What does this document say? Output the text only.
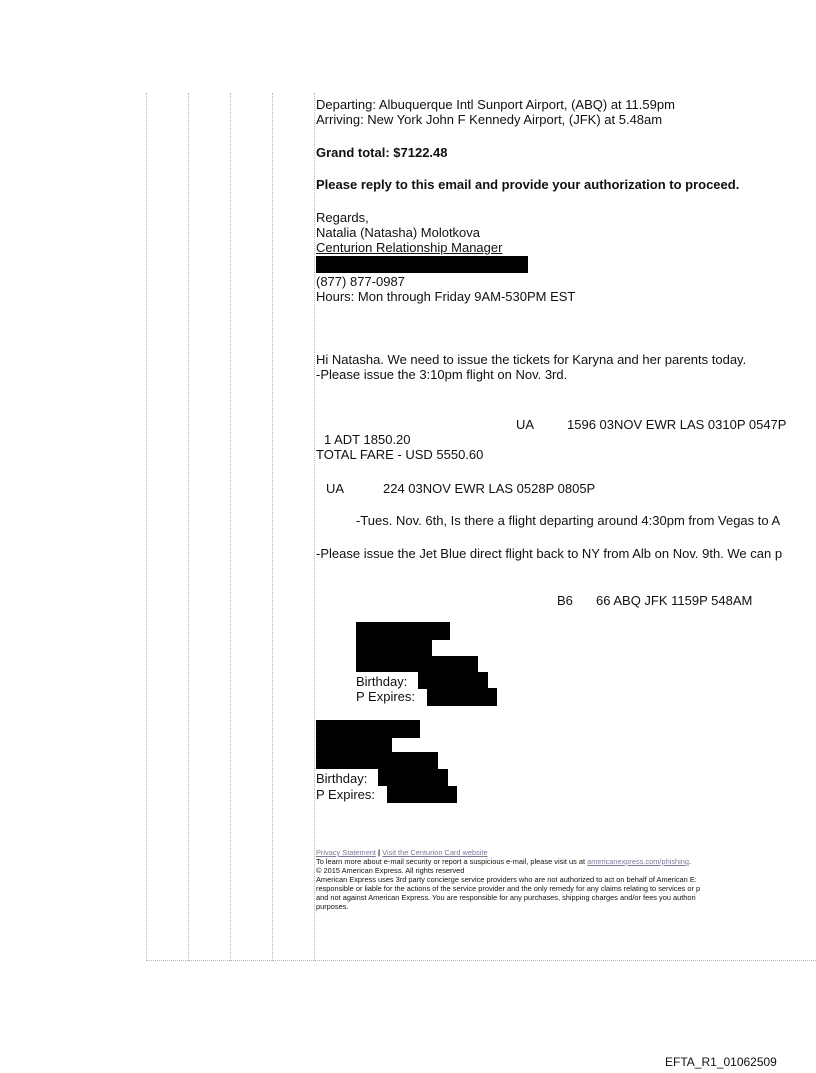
Departing: Albuquerque Intl Sunport Airport, (ABQ) at 11.59pm
Arriving: New York John F Kennedy Airport, (JFK) at 5.48am
Grand total: $7122.48
Please reply to this email and provide your authorization to proceed.
Regards,
Natalia (Natasha) Molotkova
Centurion Relationship Manager
(877) 877-0987
Hours: Mon through Friday 9AM-530PM EST
Hi Natasha. We need to issue the tickets for Karyna and her parents today.
-Please issue the 3:10pm flight on Nov. 3rd.
UA	1596 03NOV EWR LAS 0310P 0547P
1 ADT 1850.20
TOTAL FARE - USD 5550.60
UA	224 03NOV EWR LAS 0528P 0805P
-Tues. Nov. 6th, Is there a flight departing around 4:30pm from Vegas to A
-Please issue the Jet Blue direct flight back to NY from Alb on Nov. 9th. We can p
B6 66 ABQ JFK 1159P 548AM
Birthday:
P Expires:
Birthday:
P Expires:
Privacy Statement | Visit the Centurion Card website
To learn more about e-mail security or report a suspicious e-mail, please visit us at americanexpress.com/phishing.
© 2015 American Express. All rights reserved
American Express uses 3rd party concierge service providers who are not authorized to act on behalf of American E:
responsible or liable for the actions of the service provider and the only remedy for any claims relating to services or p
and not against American Express. You are responsible for any purchases, shipping charges and/or fees you authori
purposes.
EFTA_R1_01062509
